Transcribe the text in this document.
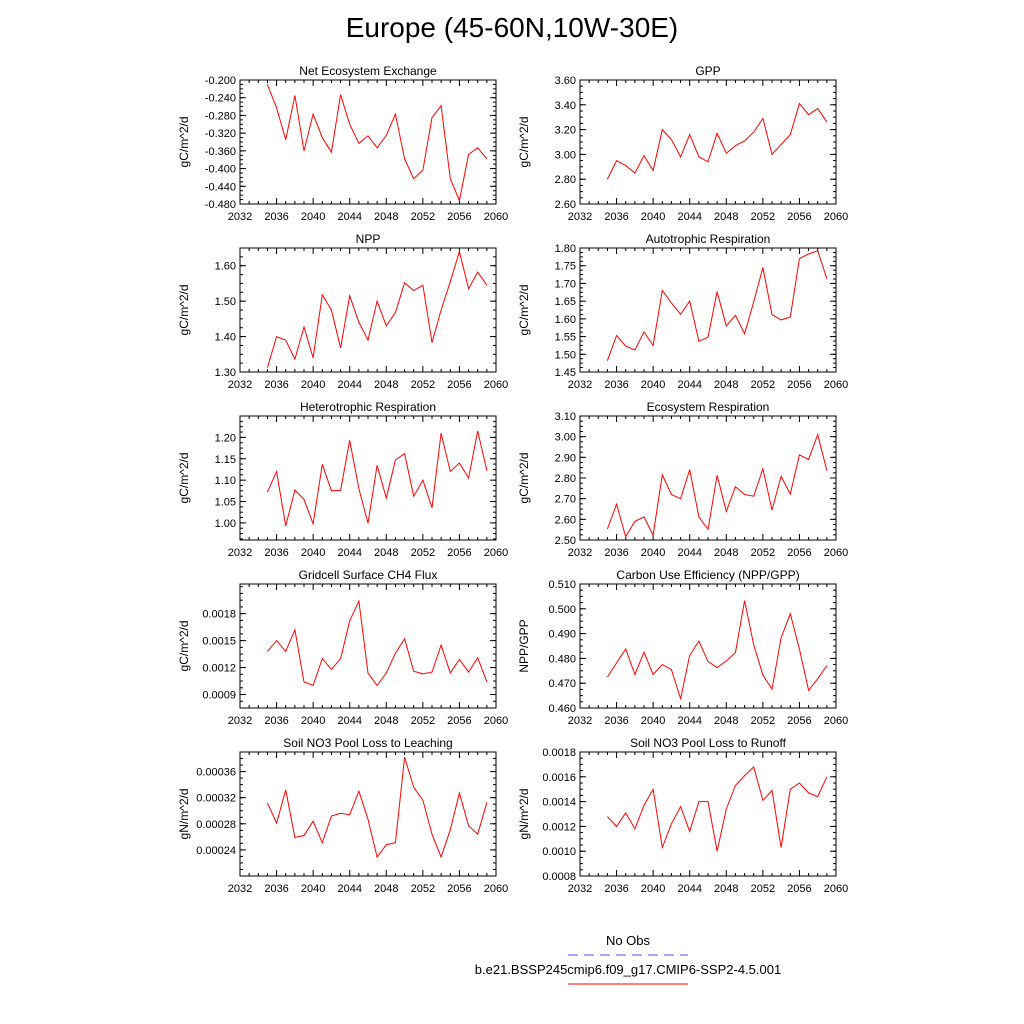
Europe (45-60N,10W-30E)
Net Ecosystem Exchange
gC/m^2/d
2032 2036 2040 2044 2048 2052 2056 2060
-0.200
-0.240
-0.280
-0.320
-0.360
-0.400
-0.440
-0.480
GPP
gC/m^2/d
2032 2036 2040 2044 2048 2052 2056 2060
3.60
3.40
3.20
3.00
2.80
2.60
NPP
gC/m^2/d
2032 2036 2040 2044 2048 2052 2056 2060
1.60
1.50
1.40
1.30
Autotrophic Respiration
gC/m^2/d
2032 2036 2040 2044 2048 2052 2056 2060
1.80
1.75
1.70
1.65
1.60
1.55
1.50
1.45
Heterotrophic Respiration
gC/m^2/d
2032 2036 2040 2044 2048 2052 2056 2060
1.20
1.15
1.10
1.05
1.00
Ecosystem Respiration
gC/m^2/d
2032 2036 2040 2044 2048 2052 2056 2060
3.10
3.00
2.90
2.80
2.70
2.60
2.50
Gridcell Surface CH4 Flux
gC/m^2/d
2032 2036 2040 2044 2048 2052 2056 2060
0.0018
0.0015
0.0012
0.0009
Carbon Use Efficiency (NPP/GPP)
NPP/GPP
2032 2036 2040 2044 2048 2052 2056 2060
0.510
0.500
0.490
0.480
0.470
0.460
Soil NO3 Pool Loss to Leaching
gN/m^2/d
2032 2036 2040 2044 2048 2052 2056 2060
0.00036
0.00032
0.00028
0.00024
Soil NO3 Pool Loss to Runoff
gN/m^2/d
2032 2036 2040 2044 2048 2052 2056 2060
0.0018
0.0016
0.0014
0.0012
0.0010
0.0008
No Obs
b.e21.BSSP245cmip6.f09_g17.CMIP6-SSP2-4.5.001
